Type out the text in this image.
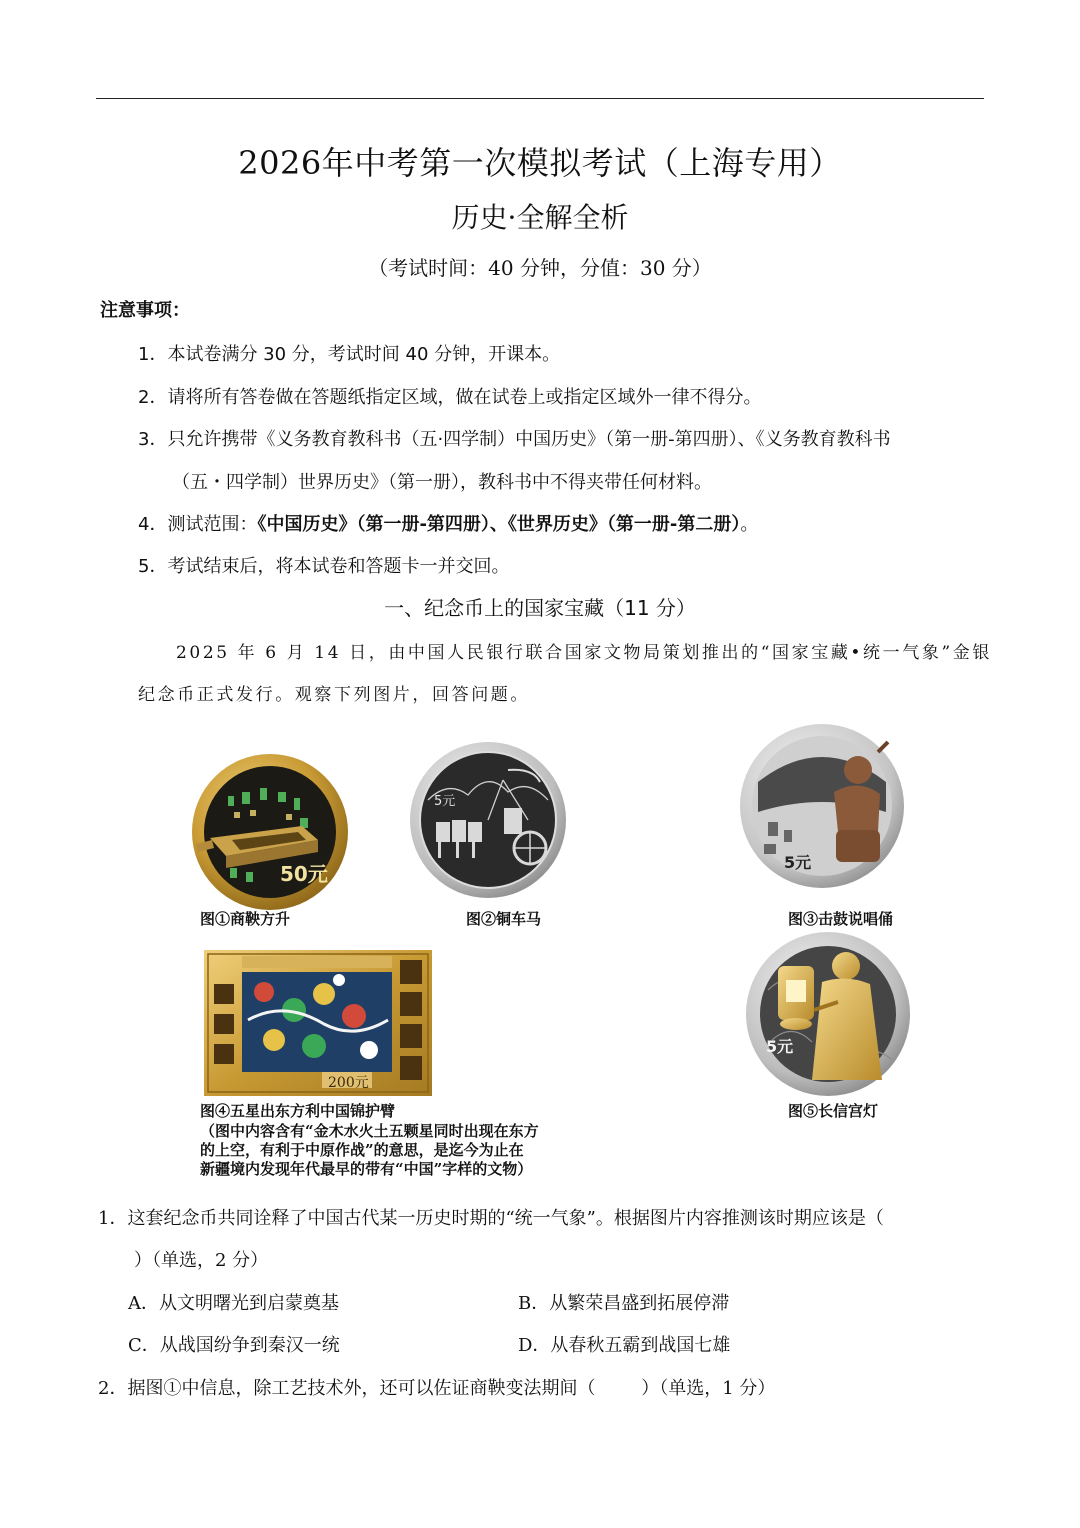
2026年中考第一次模拟考试（上海专用）
历史·全解全析
（考试时间：40 分钟，分值：30 分）
注意事项：
1．本试卷满分 30 分，考试时间 40 分钟，开课本。
2．请将所有答卷做在答题纸指定区域，做在试卷上或指定区域外一律不得分。
3．只允许携带《义务教育教科书（五·四学制）中国历史》（第一册-第四册）、《义务教育教科书
（五・四学制）世界历史》（第一册），教科书中不得夹带任何材料。
4．测试范围：《中国历史》（第一册-第四册）、《世界历史》（第一册-第二册）。
5．考试结束后，将本试卷和答题卡一并交回。
一、纪念币上的国家宝藏（11 分）
2025 年 6 月 14 日，由中国人民银行联合国家文物局策划推出的“国家宝藏•统一气象”金银
纪念币正式发行。观察下列图片，回答问题。
50元
图①商鞅方升
5元
图②铜车马
5元
图③击鼓说唱俑
200元
图④五星出东方利中国锦护臂
（图中内容含有“金木水火土五颗星同时出现在东方
的上空，有利于中原作战”的意思，是迄今为止在
新疆境内发现年代最早的带有“中国”字样的文物）
5元
图⑤长信宫灯
1．这套纪念币共同诠释了中国古代某一历史时期的“统一气象”。根据图片内容推测该时期应该是（
）（单选，2 分）
A．从文明曙光到启蒙奠基	B．从繁荣昌盛到拓展停滞
C．从战国纷争到秦汉一统	D．从春秋五霸到战国七雄
2．据图①中信息，除工艺技术外，还可以佐证商鞅变法期间（        ）（单选，1 分）
